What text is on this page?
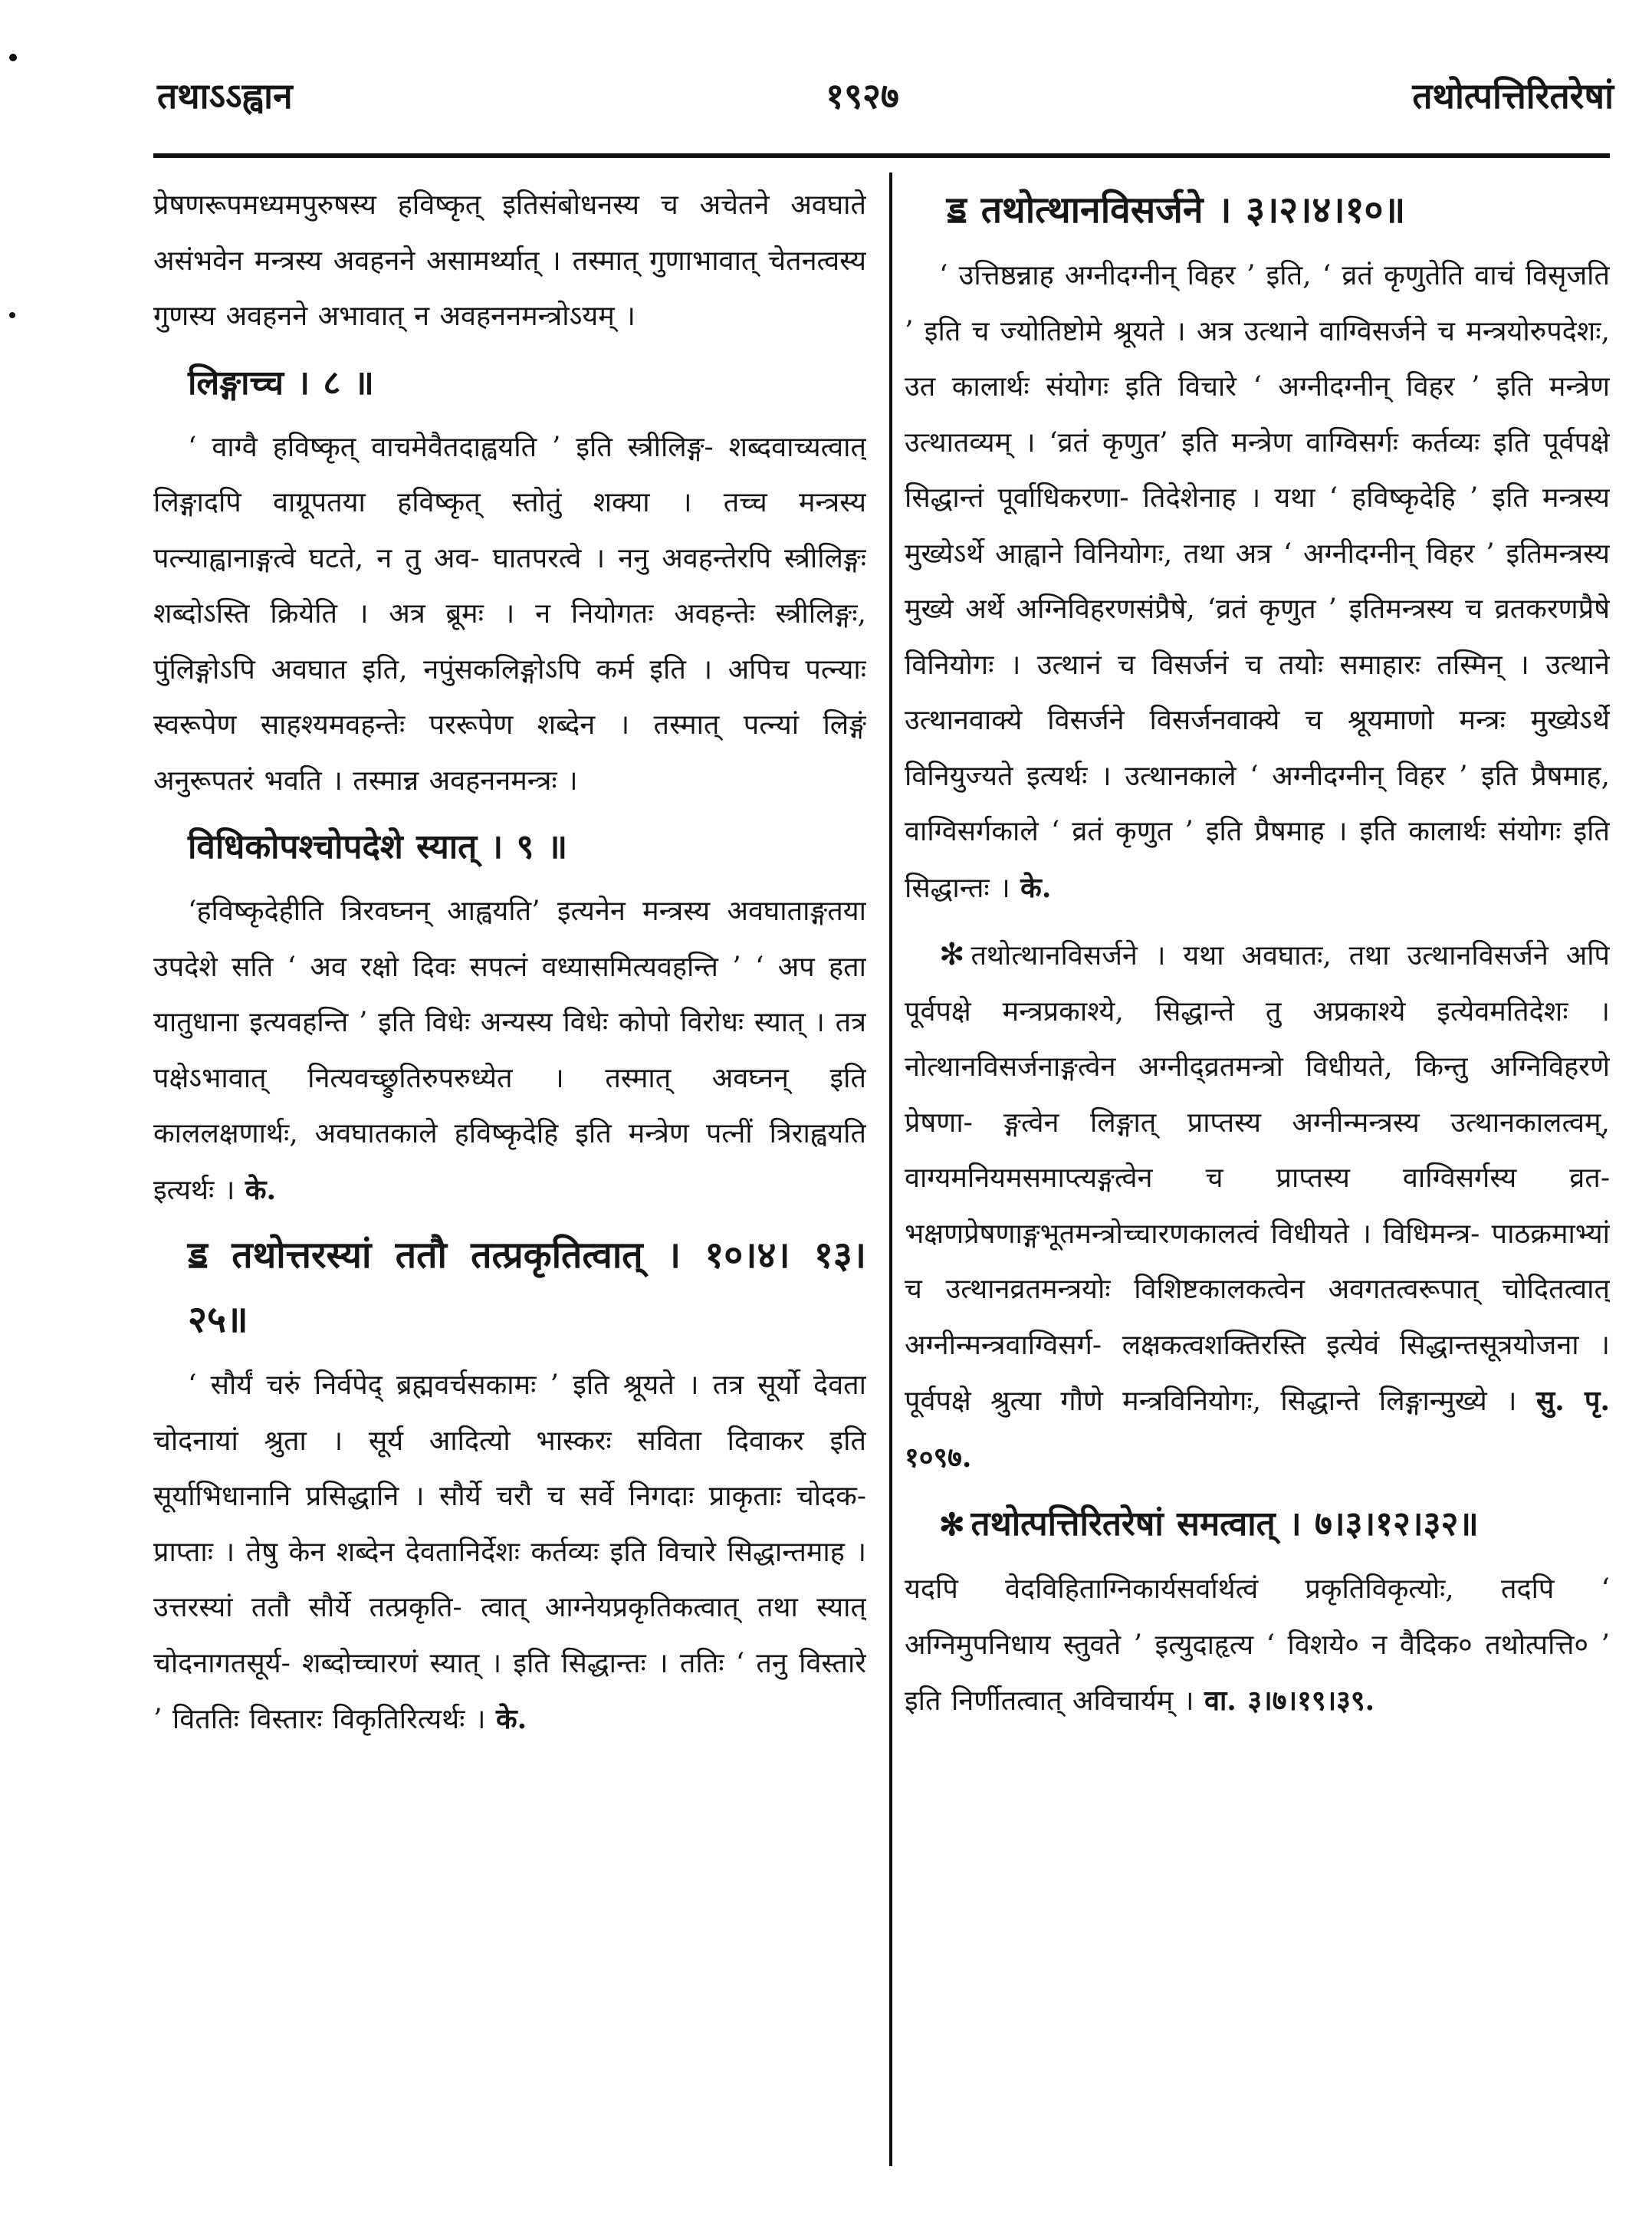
तथाऽऽह्वान	१९२७	तथोत्पत्तिरितरेषां

प्रेषणरूपमध्यमपुरुषस्य हविष्कृत् इतिसंबोधनस्य च अचेतने अवघाते असंभवेन मन्त्रस्य अवहनने असामर्थ्यात् । तस्मात् गुणाभावात् चेतनत्वस्य गुणस्य अवहनने अभावात् न अवहननमन्त्रोऽयम् ।

लिङ्गाच्च । ८ ॥

‘ वाग्वै हविष्कृत् वाचमेवैतदाह्वयति ’ इति स्त्रीलिङ्ग- शब्दवाच्यत्वात् लिङ्गादपि वाग्रूपतया हविष्कृत् स्तोतुं शक्या । तच्च मन्त्रस्य पत्न्याह्वानाङ्गत्वे घटते, न तु अव- घातपरत्वे । ननु अवहन्तेरपि स्त्रीलिङ्गः शब्दोऽस्ति क्रियेति । अत्र ब्रूमः । न नियोगतः अवहन्तेः स्त्रीलिङ्गः, पुंलिङ्गोऽपि अवघात इति, नपुंसकलिङ्गोऽपि कर्म इति । अपिच पत्न्याः स्वरूपेण साहश्यमवहन्तेः पररूपेण शब्देन । तस्मात् पत्न्यां लिङ्गं अनुरूपतरं भवति । तस्मान्न अवहननमन्त्रः ।

विधिकोपश्चोपदेशे स्यात् । ९ ॥

‘हविष्कृदेहीति त्रिरवघ्नन् आह्वयति’ इत्यनेन मन्त्रस्य अवघाताङ्गतया उपदेशे सति ‘ अव रक्षो दिवः सपत्नं वध्यासमित्यवहन्ति ’ ‘ अप हता यातुधाना इत्यवहन्ति ’ इति विधेः अन्यस्य विधेः कोपो विरोधः स्यात् । तत्र पक्षेऽभावात् नित्यवच्छ्रुतिरुपरुध्येत । तस्मात् अवघ्नन् इति काललक्षणार्थः, अवघातकाले हविष्कृदेहि इति मन्त्रेण पत्नीं त्रिराह्वयति इत्यर्थः । के.

ॾ तथोत्तरस्यां ततौ तत्प्रकृतित्वात् । १०।४। १३।२५॥

‘ सौर्यं चरुं निर्वपेद् ब्रह्मवर्चसकामः ’ इति श्रूयते । तत्र सूर्यो देवता चोदनायां श्रुता । सूर्य आदित्यो भास्करः सविता दिवाकर इति सूर्याभिधानानि प्रसिद्धानि । सौर्ये चरौ च सर्वे निगदाः प्राकृताः चोदक- प्राप्ताः । तेषु केन शब्देन देवतानिर्देशः कर्तव्यः इति विचारे सिद्धान्तमाह । उत्तरस्यां ततौ सौर्ये तत्प्रकृति- त्वात् आग्नेयप्रकृतिकत्वात् तथा स्यात् चोदनागतसूर्य- शब्दोच्चारणं स्यात् । इति सिद्धान्तः । ततिः ‘ तनु विस्तारे ’ विततिः विस्तारः विकृतिरित्यर्थः । के.

ॾ तथोत्थानविसर्जने । ३।२।४।१०॥

‘ उत्तिष्ठन्नाह अग्नीदग्नीन् विहर ’ इति, ‘ व्रतं कृणुतेति वाचं विसृजति ’ इति च ज्योतिष्टोमे श्रूयते । अत्र उत्थाने वाग्विसर्जने च मन्त्रयोरुपदेशः, उत कालार्थः संयोगः इति विचारे ‘ अग्नीदग्नीन् विहर ’ इति मन्त्रेण उत्थातव्यम् । ‘व्रतं कृणुत’ इति मन्त्रेण वाग्विसर्गः कर्तव्यः इति पूर्वपक्षे सिद्धान्तं पूर्वाधिकरणा- तिदेशेनाह । यथा ‘ हविष्कृदेहि ’ इति मन्त्रस्य मुख्येऽर्थे आह्वाने विनियोगः, तथा अत्र ‘ अग्नीदग्नीन् विहर ’ इतिमन्त्रस्य मुख्ये अर्थे अग्निविहरणसंप्रैषे, ‘व्रतं कृणुत ’ इतिमन्त्रस्य च व्रतकरणप्रैषे विनियोगः । उत्थानं च विसर्जनं च तयोः समाहारः तस्मिन् । उत्थाने उत्थानवाक्ये विसर्जने विसर्जनवाक्ये च श्रूयमाणो मन्त्रः मुख्येऽर्थे विनियुज्यते इत्यर्थः । उत्थानकाले ‘ अग्नीदग्नीन् विहर ’ इति प्रैषमाह, वाग्विसर्गकाले ‘ व्रतं कृणुत ’ इति प्रैषमाह । इति कालार्थः संयोगः इति सिद्धान्तः । के.

✻ तथोत्थानविसर्जने । यथा अवघातः, तथा उत्थानविसर्जने अपि पूर्वपक्षे मन्त्रप्रकाश्ये, सिद्धान्ते तु अप्रकाश्ये इत्येवमतिदेशः । नोत्थानविसर्जनाङ्गत्वेन अग्नीद्व्रतमन्त्रो विधीयते, किन्तु अग्निविहरणे प्रेषणा- ङ्गत्वेन लिङ्गात् प्राप्तस्य अग्नीन्मन्त्रस्य उत्थानकालत्वम्, वाग्यमनियमसमाप्त्यङ्गत्वेन च प्राप्तस्य वाग्विसर्गस्य व्रत- भक्षणप्रेषणाङ्गभूतमन्त्रोच्चारणकालत्वं विधीयते । विधिमन्त्र- पाठक्रमाभ्यां च उत्थानव्रतमन्त्रयोः विशिष्टकालकत्वेन अवगतत्वरूपात् चोदितत्वात् अग्नीन्मन्त्रवाग्विसर्ग- लक्षकत्वशक्तिरस्ति इत्येवं सिद्धान्तसूत्रयोजना । पूर्वपक्षे श्रुत्या गौणे मन्त्रविनियोगः, सिद्धान्ते लिङ्गान्मुख्ये । सु. पृ. १०९७.

✻ तथोत्पत्तिरितरेषां समत्वात् । ७।३।१२।३२॥

यदपि वेदविहिताग्निकार्यसर्वार्थत्वं प्रकृतिविकृत्योः, तदपि ‘ अग्निमुपनिधाय स्तुवते ’ इत्युदाहृत्य ‘ विशये० न वैदिक० तथोत्पत्ति० ’ इति निर्णीतत्वात् अविचार्यम् । वा. ३।७।१९।३९.
